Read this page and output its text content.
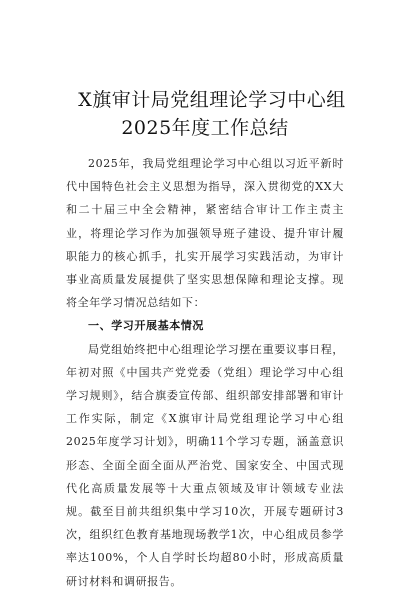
X旗审计局党组理论学习中心组
2025年度工作总结

2025年，我局党组理论学习中心组以习近平新时代中国特色社会主义思想为指导，深入贯彻党的XX大和二十届三中全会精神，紧密结合审计工作主责主业，将理论学习作为加强领导班子建设、提升审计履职能力的核心抓手，扎实开展学习实践活动，为审计事业高质量发展提供了坚实思想保障和理论支撑。现将全年学习情况总结如下：

一、学习开展基本情况

局党组始终把中心组理论学习摆在重要议事日程，年初对照《中国共产党党委（党组）理论学习中心组学习规则》，结合旗委宣传部、组织部安排部署和审计工作实际，制定《X旗审计局党组理论学习中心组2025年度学习计划》，明确11个学习专题，涵盖意识形态、全面全面全面从严治党、国家安全、中国式现代化高质量发展等十大重点领域及审计领域专业法规。截至目前共组织集中学习10次，开展专题研讨3次，组织红色教育基地现场教学1次，中心组成员参学率达100%，个人自学时长均超80小时，形成高质量研讨材料和调研报告。
